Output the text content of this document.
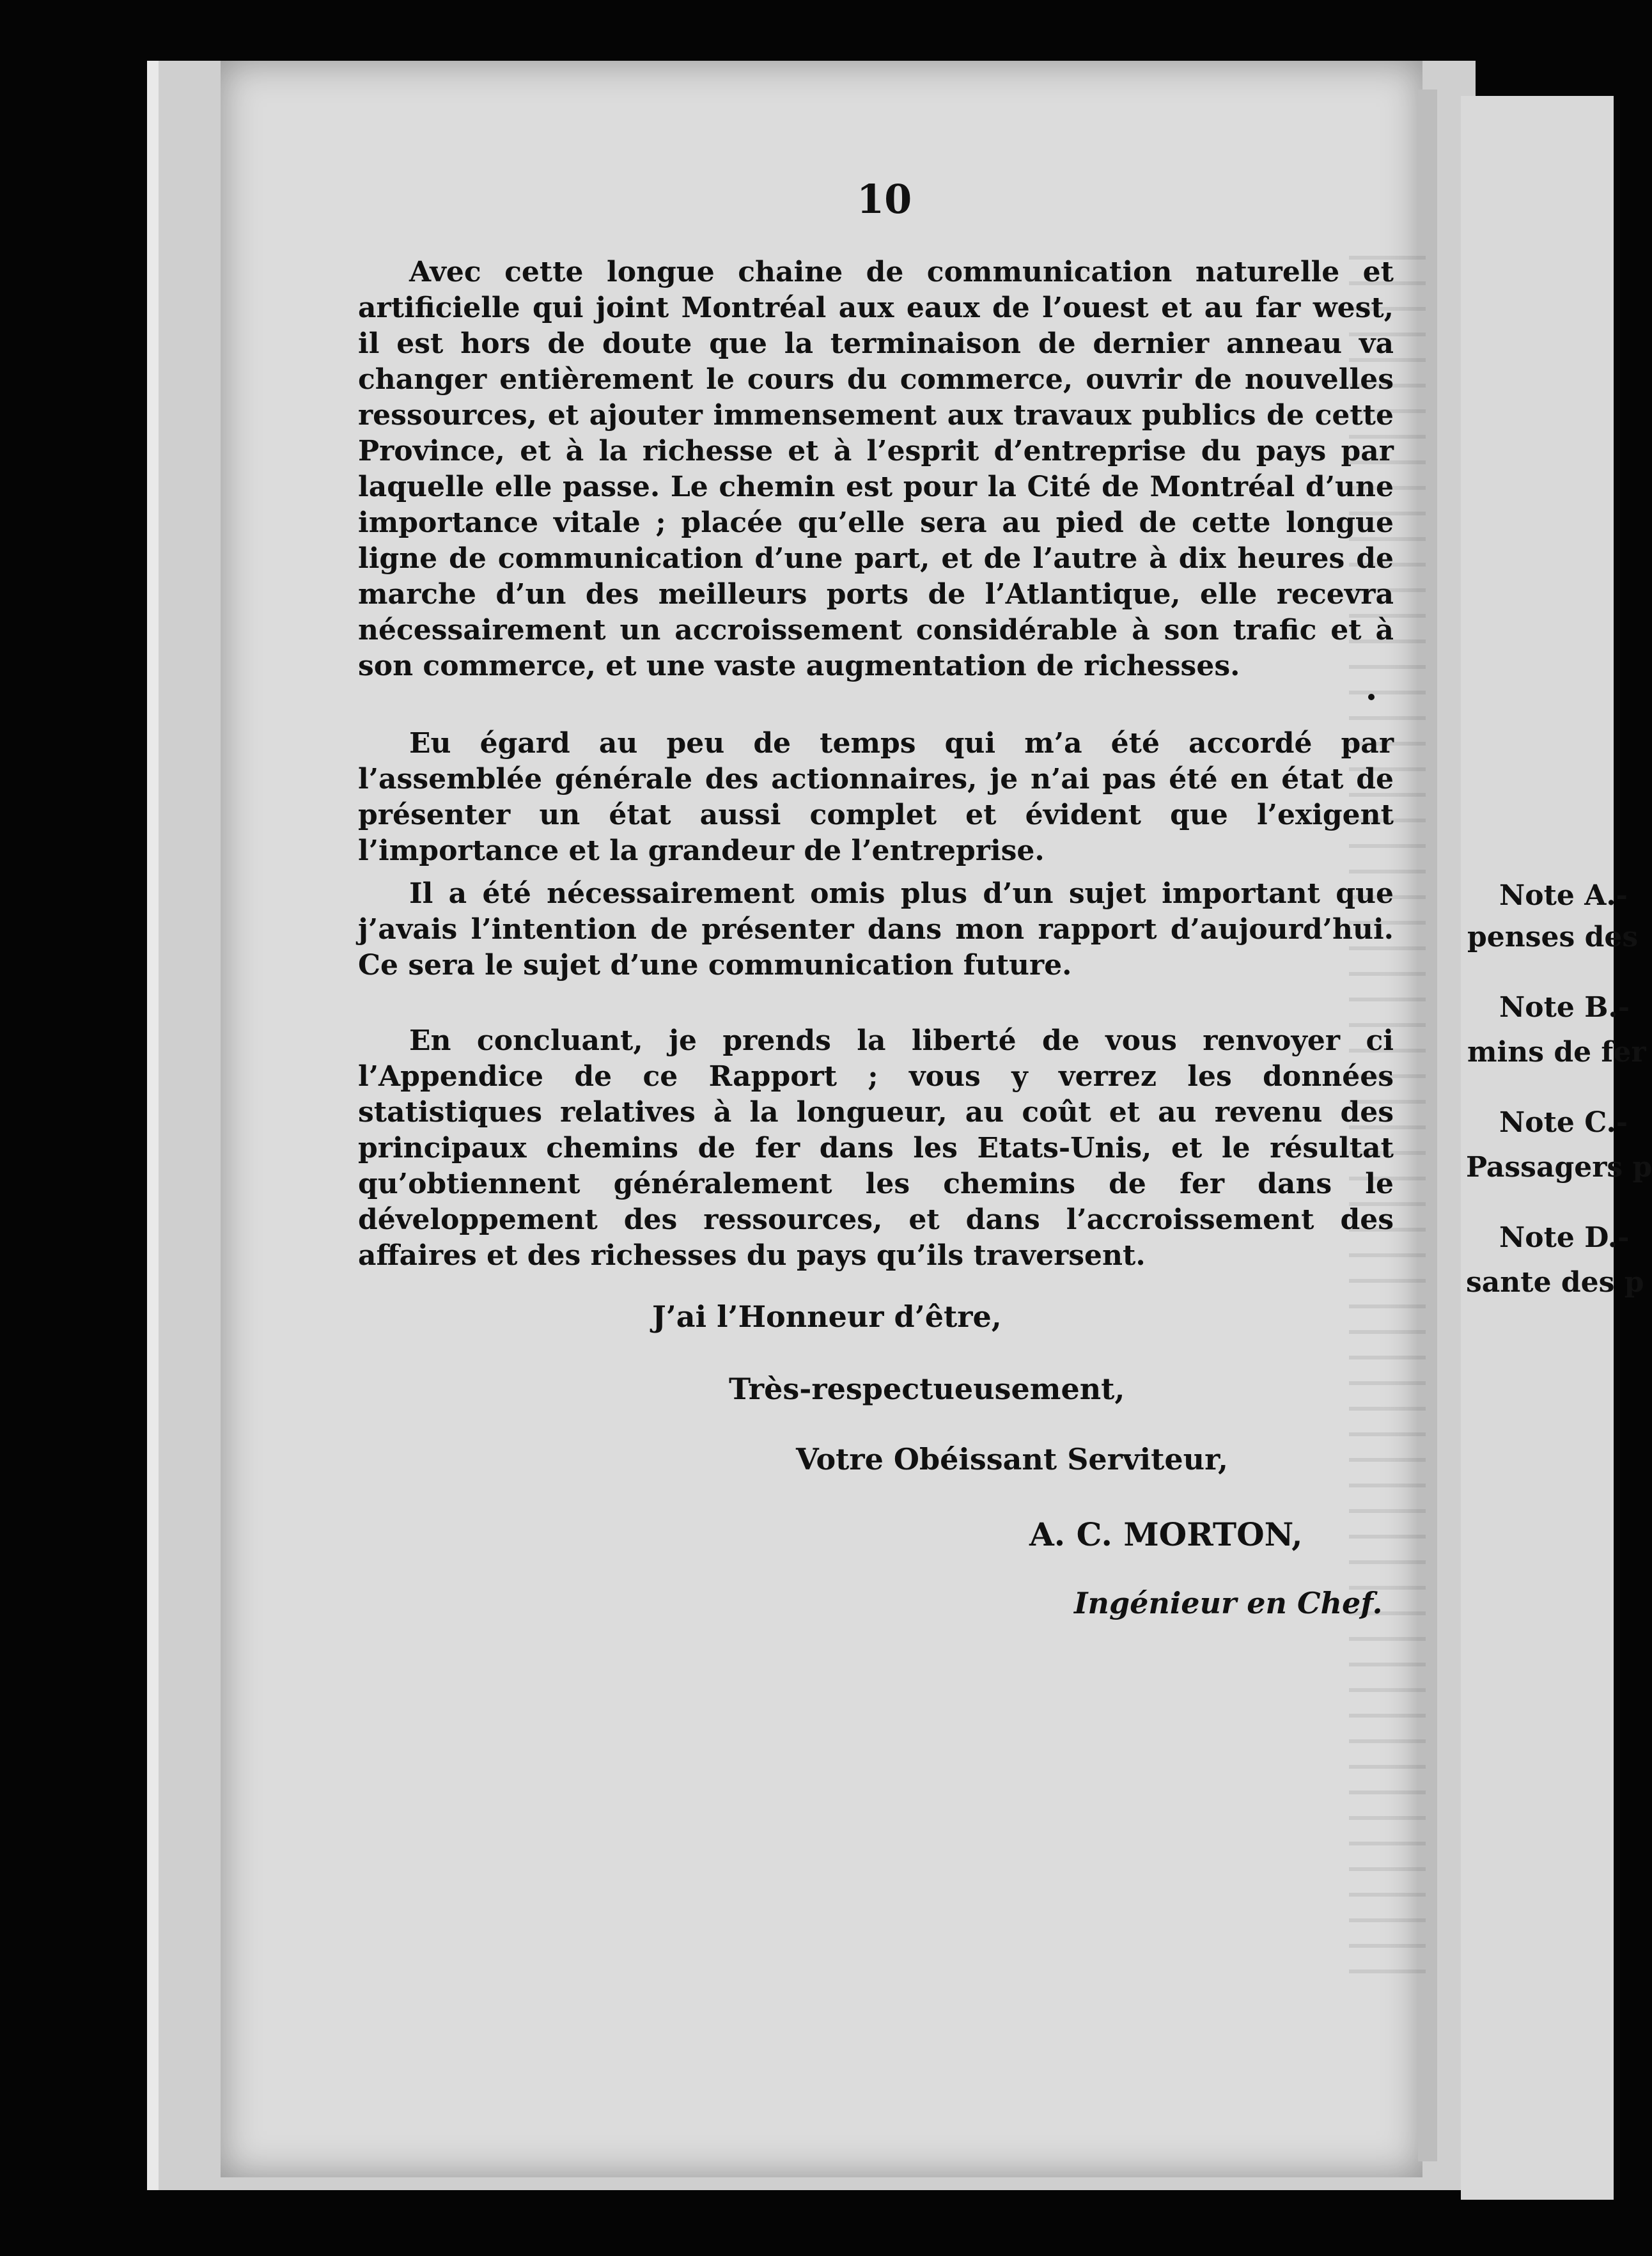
Note A.-
penses des
Note B.-
mins de fer
Note C.-
Passagers p
Note D.-
sante des p
10

Avec cette longue chaine de communication naturelle et artificielle qui joint Montréal aux eaux de l’ouest et au far west, il est hors de doute que la terminaison de dernier anneau va changer entièrement le cours du commerce, ouvrir de nouvelles ressources, et ajouter immensement aux travaux publics de cette Province, et à la richesse et à l’esprit d’entreprise du pays par laquelle elle passe. Le chemin est pour la Cité de Montréal d’une importance vitale ; placée qu’elle sera au pied de cette longue ligne de communication d’une part, et de l’autre à dix heures de marche d’un des meilleurs ports de l’Atlantique, elle recevra nécessairement un accroissement considérable à son trafic et à son commerce, et une vaste augmentation de richesses.

Eu égard au peu de temps qui m’a été accordé par l’assemblée générale des actionnaires, je n’ai pas été en état de présenter un état aussi complet et évident que l’exigent l’importance et la grandeur de l’entreprise.

Il a été nécessairement omis plus d’un sujet important que j’avais l’intention de présenter dans mon rapport d’aujourd’hui. Ce sera le sujet d’une communication future.

En concluant, je prends la liberté de vous renvoyer ci l’Appendice de ce Rapport ; vous y verrez les données statistiques relatives à la longueur, au coût et au revenu des principaux chemins de fer dans les Etats-Unis, et le résultat qu’obtiennent généralement les chemins de fer dans le développement des ressources, et dans l’accroissement des affaires et des richesses du pays qu’ils traversent.

J’ai l’Honneur d’être,
Très-respectueusement,
Votre Obéissant Serviteur,
A. C. MORTON,
Ingénieur en Chef.
